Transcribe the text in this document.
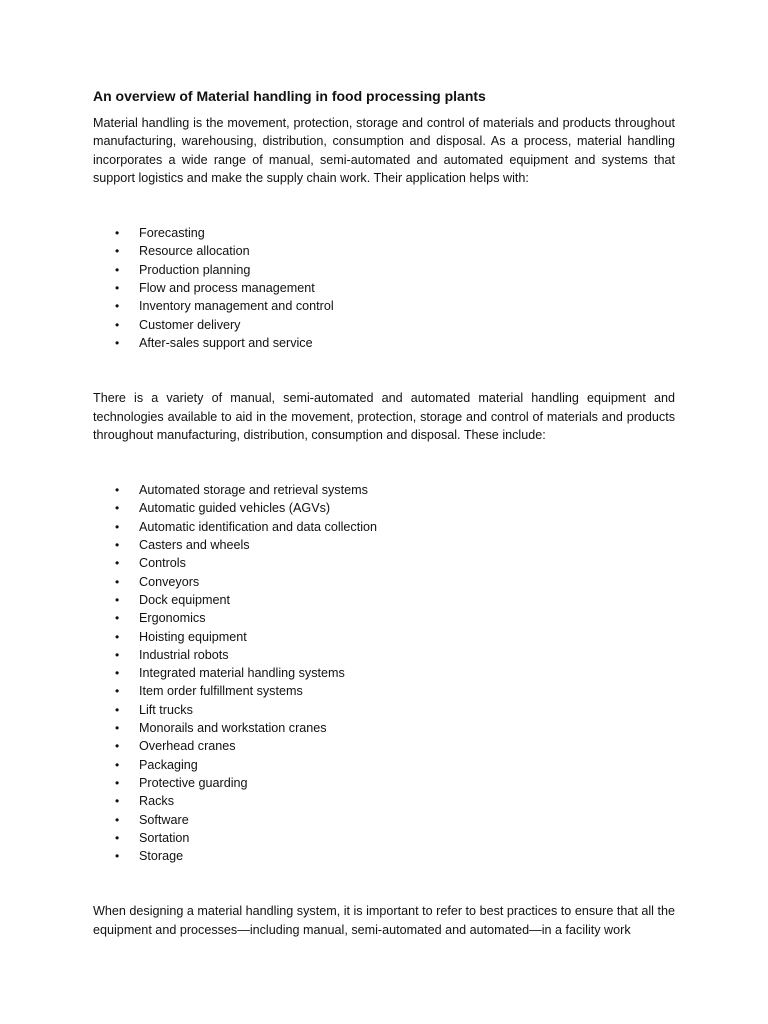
An overview of Material handling in food processing plants

Material handling is the movement, protection, storage and control of materials and products throughout manufacturing, warehousing, distribution, consumption and disposal. As a process, material handling incorporates a wide range of manual, semi-automated and automated equipment and systems that support logistics and make the supply chain work. Their application helps with:

• Forecasting
• Resource allocation
• Production planning
• Flow and process management
• Inventory management and control
• Customer delivery
• After-sales support and service

There is a variety of manual, semi-automated and automated material handling equipment and technologies available to aid in the movement, protection, storage and control of materials and products throughout manufacturing, distribution, consumption and disposal. These include:

• Automated storage and retrieval systems
• Automatic guided vehicles (AGVs)
• Automatic identification and data collection
• Casters and wheels
• Controls
• Conveyors
• Dock equipment
• Ergonomics
• Hoisting equipment
• Industrial robots
• Integrated material handling systems
• Item order fulfillment systems
• Lift trucks
• Monorails and workstation cranes
• Overhead cranes
• Packaging
• Protective guarding
• Racks
• Software
• Sortation
• Storage

When designing a material handling system, it is important to refer to best practices to ensure that all the equipment and processes—including manual, semi-automated and automated—in a facility work
